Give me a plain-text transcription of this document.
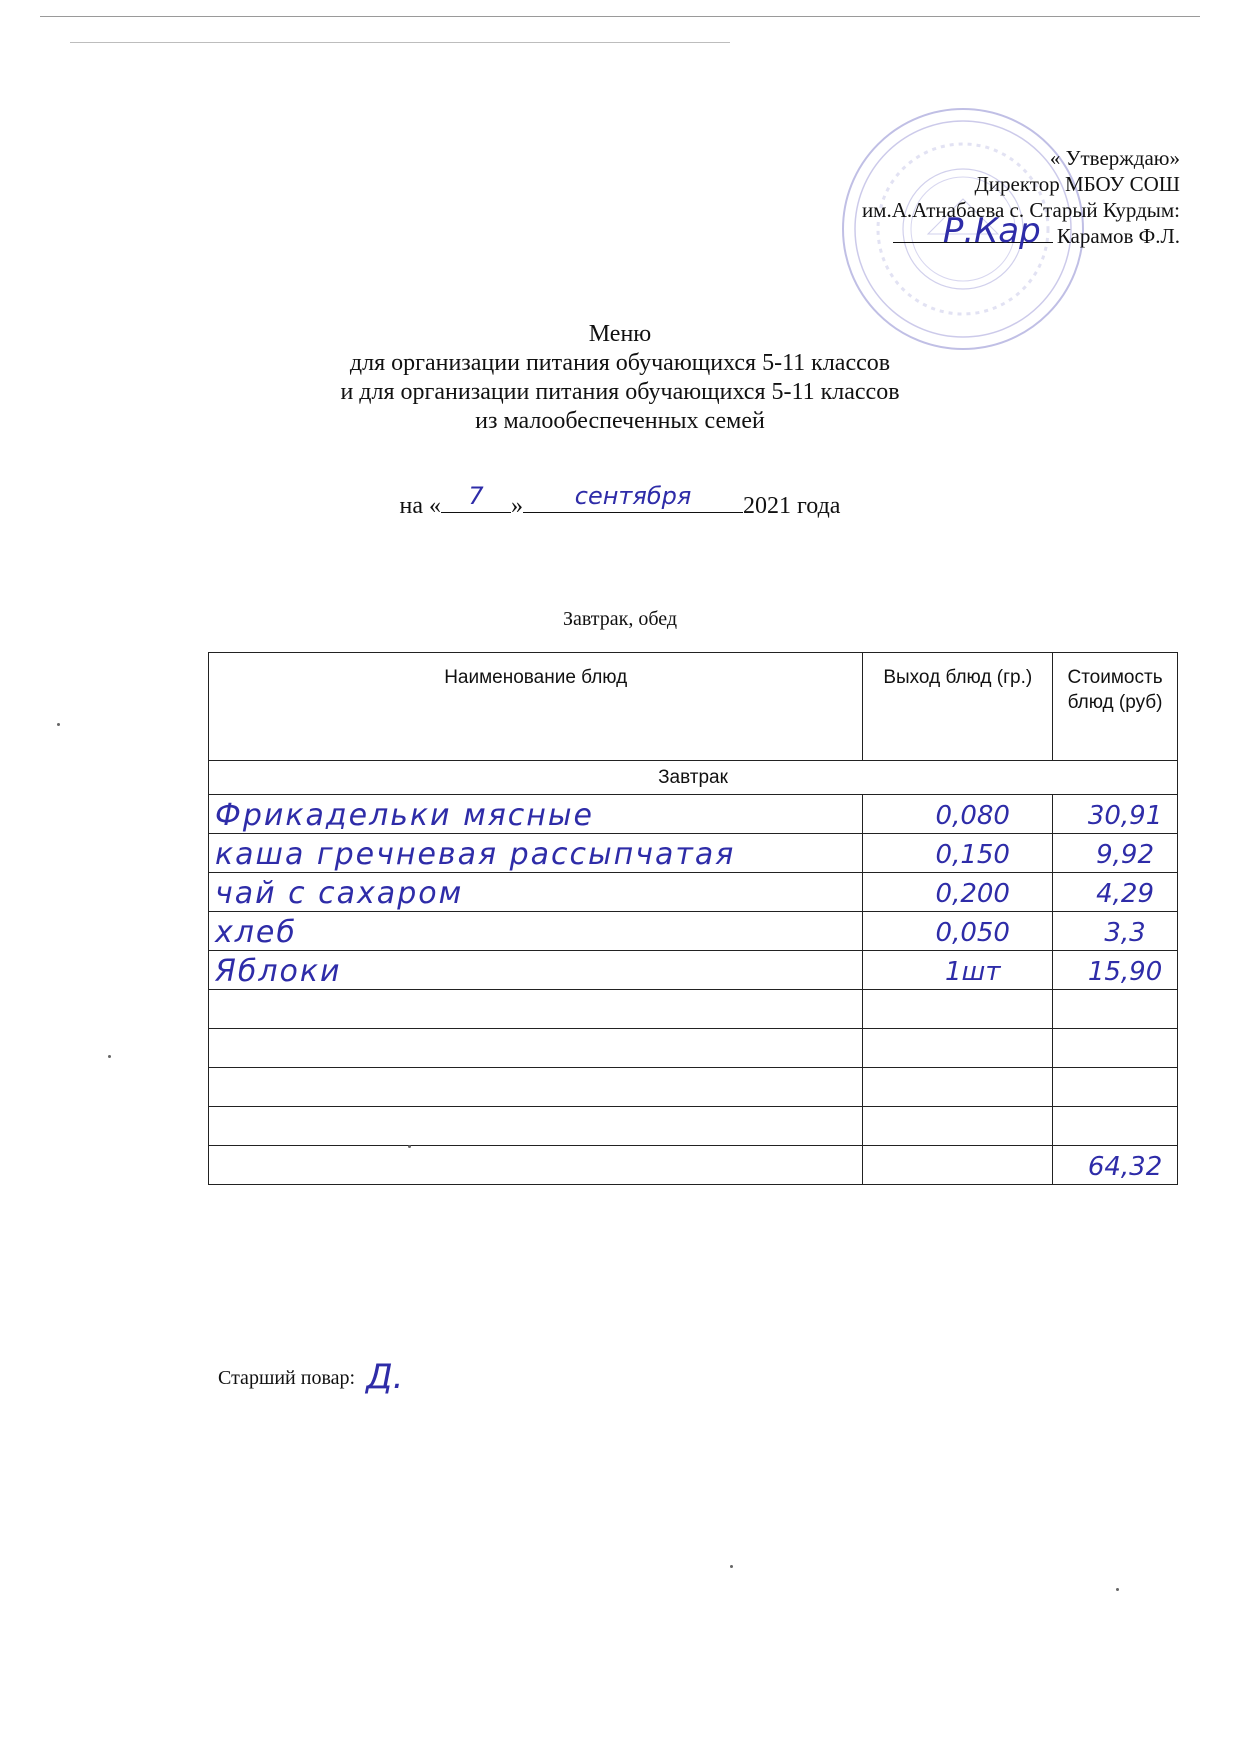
« Утверждаю»
Директор МБОУ СОШ
им.А.Атнабаева с. Старый Курдым:
Р.Кар Карамов Ф.Л.
Меню
для организации питания обучающихся 5-11 классов
и для организации питания обучающихся 5-11 классов
из малообеспеченных семей
на «	7	»	сентября	2021 года
Завтрак, обед
Наименование блюд	Выход блюд (гр.)	Стоимость блюд (руб)
Завтрак		

Фрикадельки мясные	0,080	30,91

каша гречневая рассыпчатая	0,150	9,92

чай с сахаром	0,200	4,29

хлеб	0,050	3,3

Яблоки	1шт	15,90

		64,32
Старший повар: Д.
